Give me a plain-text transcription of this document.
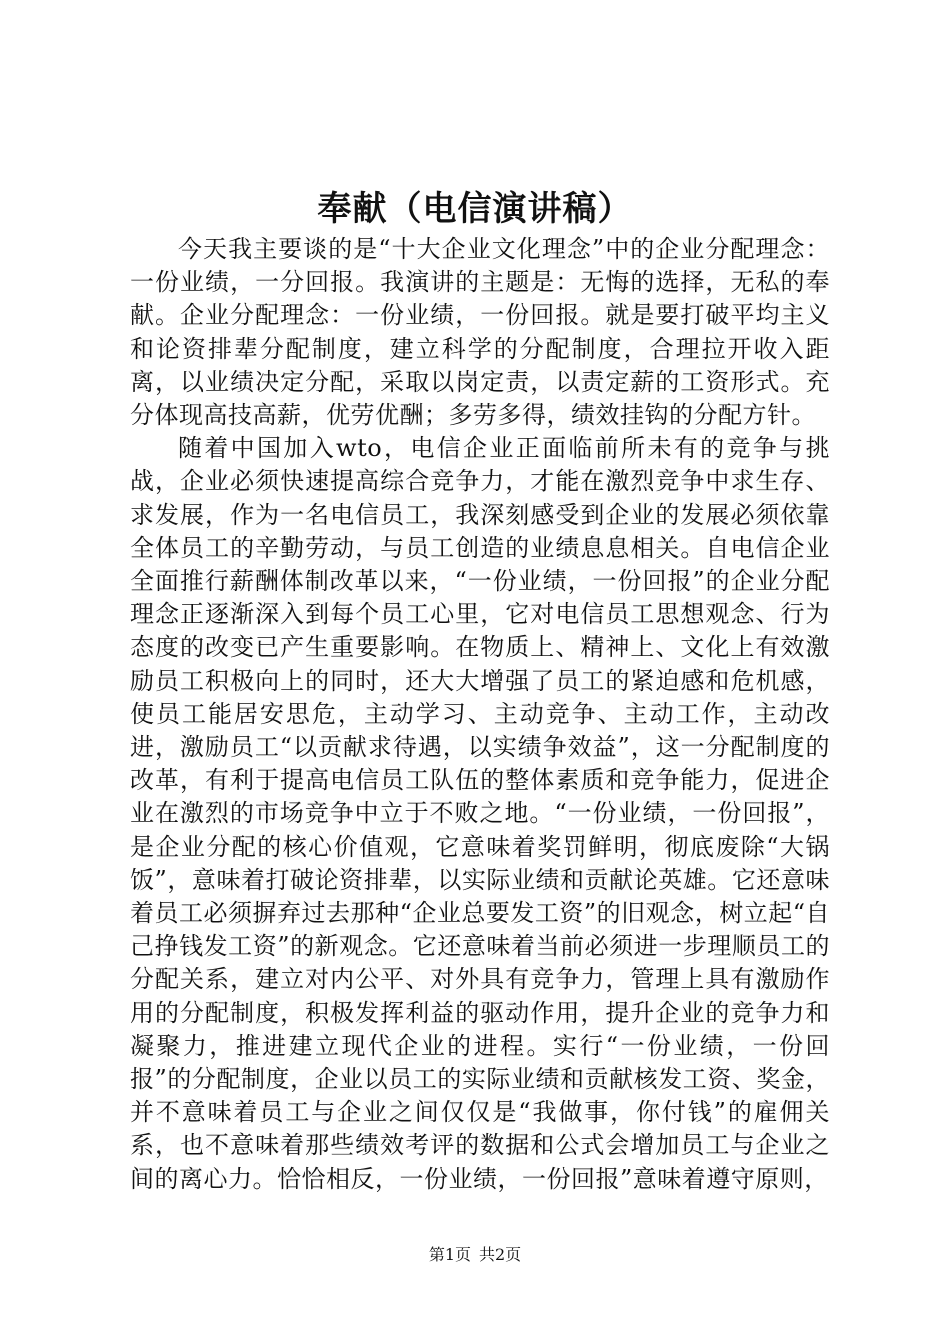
奉献（电信演讲稿）

今天我主要谈的是“十大企业文化理念”中的企业分配理念：一份业绩，一分回报。我演讲的主题是：无悔的选择，无私的奉献。企业分配理念：一份业绩，一份回报。就是要打破平均主义和论资排辈分配制度，建立科学的分配制度，合理拉开收入距离，以业绩决定分配，采取以岗定责，以责定薪的工资形式。充分体现高技高薪，优劳优酬；多劳多得，绩效挂钩的分配方针。

随着中国加入wto，电信企业正面临前所未有的竞争与挑战，企业必须快速提高综合竞争力，才能在激烈竞争中求生存、求发展，作为一名电信员工，我深刻感受到企业的发展必须依靠全体员工的辛勤劳动，与员工创造的业绩息息相关。自电信企业全面推行薪酬体制改革以来，“一份业绩，一份回报”的企业分配理念正逐渐深入到每个员工心里，它对电信员工思想观念、行为态度的改变已产生重要影响。在物质上、精神上、文化上有效激励员工积极向上的同时，还大大增强了员工的紧迫感和危机感，使员工能居安思危，主动学习、主动竞争、主动工作，主动改进，激励员工“以贡献求待遇，以实绩争效益”，这一分配制度的改革，有利于提高电信员工队伍的整体素质和竞争能力，促进企业在激烈的市场竞争中立于不败之地。“一份业绩，一份回报”，是企业分配的核心价值观，它意味着奖罚鲜明，彻底废除“大锅饭”，意味着打破论资排辈，以实际业绩和贡献论英雄。它还意味着员工必须摒弃过去那种“企业总要发工资”的旧观念，树立起“自己挣钱发工资”的新观念。它还意味着当前必须进一步理顺员工的分配关系，建立对内公平、对外具有竞争力，管理上具有激励作用的分配制度，积极发挥利益的驱动作用，提升企业的竞争力和凝聚力，推进建立现代企业的进程。实行“一份业绩，一份回报”的分配制度，企业以员工的实际业绩和贡献核发工资、奖金，并不意味着员工与企业之间仅仅是“我做事，你付钱”的雇佣关系，也不意味着那些绩效考评的数据和公式会增加员工与企业之间的离心力。恰恰相反，一份业绩，一份回报”意味着遵守原则，

第1页 共2页
